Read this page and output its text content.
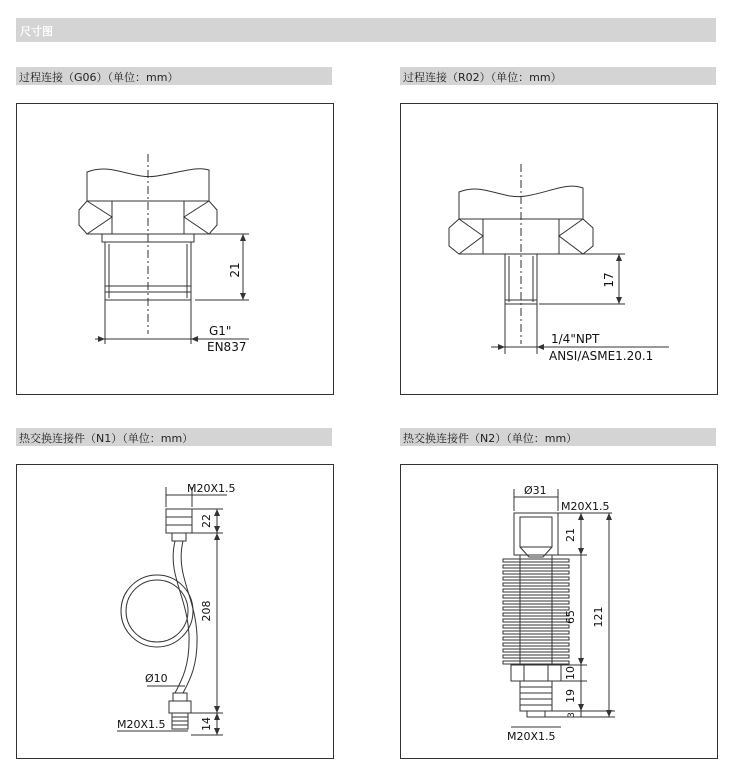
尺寸图
过程连接（G06）（单位：mm）
21
G1"
EN837
过程连接（R02）（单位：mm）
17
1/4"NPT
ANSI/ASME1.20.1
热交换连接件（N1）（单位：mm）
M20X1.5
22
208
Ø10
M20X1.5	14
热交换连接件（N2）（单位：mm）
Ø31
M20X1.5
21
65 121
10
19
3
M20X1.5
